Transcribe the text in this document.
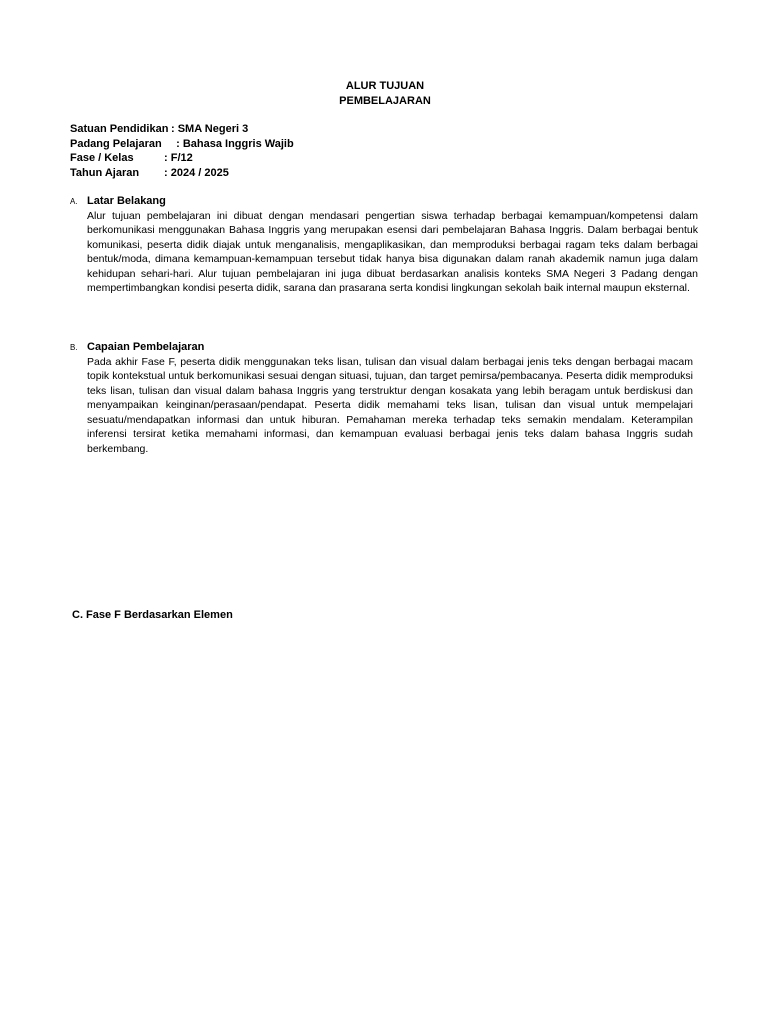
ALUR TUJUAN
PEMBELAJARAN
Satuan Pendidikan : SMA Negeri 3
Padang Pelajaran : Bahasa Inggris Wajib
Fase / Kelas	: F/12
Tahun Ajaran	: 2024 / 2025
A. Latar Belakang
Alur tujuan pembelajaran ini dibuat dengan mendasari pengertian siswa terhadap berbagai kemampuan/kompetensi dalam berkomunikasi menggunakan Bahasa Inggris yang merupakan esensi dari pembelajaran Bahasa Inggris. Dalam berbagai bentuk komunikasi, peserta didik diajak untuk menganalisis, mengaplikasikan, dan memproduksi berbagai ragam teks dalam berbagai bentuk/moda, dimana kemampuan-kemampuan tersebut tidak hanya bisa digunakan dalam ranah akademik namun juga dalam kehidupan sehari-hari. Alur tujuan pembelajaran ini juga dibuat berdasarkan analisis konteks SMA Negeri 3 Padang dengan mempertimbangkan kondisi peserta didik, sarana dan prasarana serta kondisi lingkungan sekolah baik internal maupun eksternal.
B. Capaian Pembelajaran
Pada akhir Fase F, peserta didik menggunakan teks lisan, tulisan dan visual dalam berbagai jenis teks dengan berbagai macam topik kontekstual untuk berkomunikasi sesuai dengan situasi, tujuan, dan target pemirsa/pembacanya. Peserta didik memproduksi teks lisan, tulisan dan visual dalam bahasa Inggris yang terstruktur dengan kosakata yang lebih beragam untuk berdiskusi dan menyampaikan keinginan/perasaan/pendapat. Peserta didik memahami teks lisan, tulisan dan visual untuk mempelajari sesuatu/mendapatkan informasi dan untuk hiburan. Pemahaman mereka terhadap teks semakin mendalam. Keterampilan inferensi tersirat ketika memahami informasi, dan kemampuan evaluasi berbagai jenis teks dalam bahasa Inggris sudah berkembang.
C. Fase F Berdasarkan Elemen
